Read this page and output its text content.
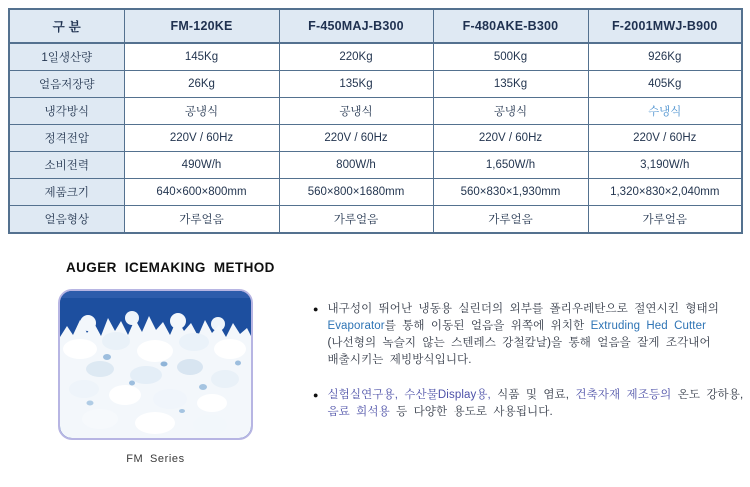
구 분	FM-120KE	F-450MAJ-B300	F-480AKE-B300	F-2001MWJ-B900
1일생산량	145Kg	220Kg	500Kg	926Kg
얼음저장량	26Kg	135Kg	135Kg	405Kg
냉각방식	공냉식	공냉식	공냉식	수냉식
정격전압	220V / 60Hz	220V / 60Hz	220V / 60Hz	220V / 60Hz
소비전력	490W/h	800W/h	1,650W/h	3,190W/h
제품크기	640×600×800mm	560×800×1680mm	560×830×1,930mm	1,320×830×2,040mm
얼음형상	가루얼음	가루얼음	가루얼음	가루얼음
AUGER ICEMAKING METHOD
FM Series
● 내구성이 뛰어난 냉동용 실린더의 외부를 폴리우레탄으로 절연시킨 형태의
Evaporator를 통해 이동된 얼음을 위쪽에 위치한 Extruding Hed Cutter
(나선형의 녹슬지 않는 스텐레스 강철칼날)을 통해 얼음을 잘게 조각내어
배출시키는 제빙방식입니다.
● 실험실연구용, 수산물Display용, 식품 및 염료, 건축자재 제조등의 온도 강하용,
음료 희석용 등 다양한 용도로 사용됩니다.
